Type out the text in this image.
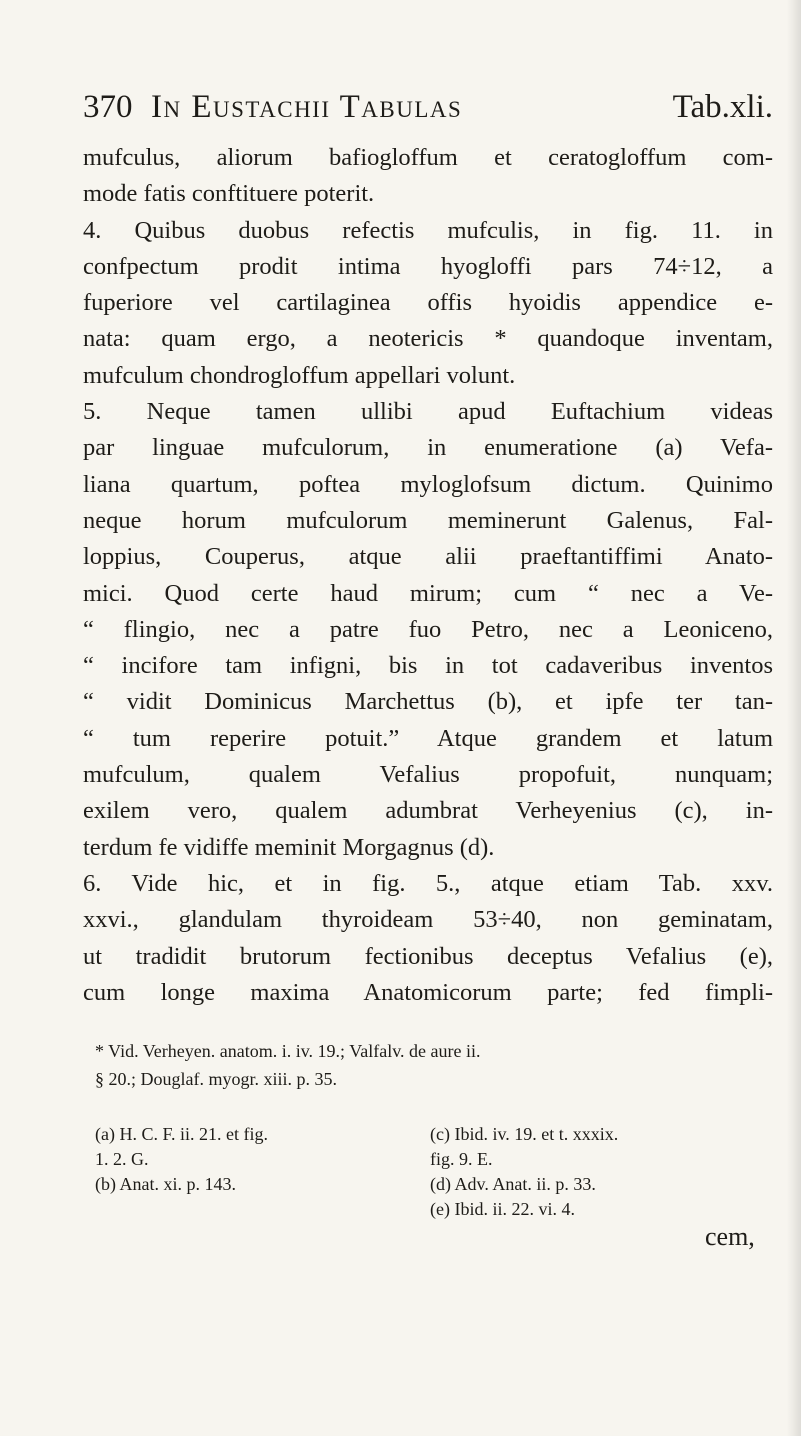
370 In Eustachii Tabulas	Tab.xli.
mufculus, aliorum bafiogloffum et ceratogloffum com-
mode fatis conftituere poterit.
4. Quibus duobus refectis mufculis, in fig. 11. in
confpectum prodit intima hyogloffi pars 74÷12, a
fuperiore vel cartilaginea offis hyoidis appendice e-
nata: quam ergo, a neotericis * quandoque inventam,
mufculum chondrogloffum appellari volunt.
5. Neque tamen ullibi apud Euftachium videas
par linguae mufculorum, in enumeratione (a) Vefa-
liana quartum, poftea myloglofsum dictum. Quinimo
neque horum mufculorum meminerunt Galenus, Fal-
loppius, Couperus, atque alii praeftantiffimi Anato-
mici. Quod certe haud mirum; cum “ nec a Ve-
“ flingio, nec a patre fuo Petro, nec a Leoniceno,
“ incifore tam infigni, bis in tot cadaveribus inventos
“ vidit Dominicus Marchettus (b), et ipfe ter tan-
“ tum reperire potuit.” Atque grandem et latum
mufculum, qualem Vefalius propofuit, nunquam;
exilem vero, qualem adumbrat Verheyenius (c), in-
terdum fe vidiffe meminit Morgagnus (d).
6. Vide hic, et in fig. 5., atque etiam Tab. xxv.
xxvi., glandulam thyroideam 53÷40, non geminatam,
ut tradidit brutorum fectionibus deceptus Vefalius (e),
cum longe maxima Anatomicorum parte; fed fimpli-
* Vid. Verheyen. anatom. i. iv. 19.; Valfalv. de aure ii.
§ 20.; Douglaf. myogr. xiii. p. 35.
(a) H. C. F. ii. 21. et fig.
1. 2. G.
(b) Anat. xi. p. 143.
(c) Ibid. iv. 19. et t. xxxix.
fig. 9. E.
(d) Adv. Anat. ii. p. 33.
(e) Ibid. ii. 22. vi. 4.
cem,
